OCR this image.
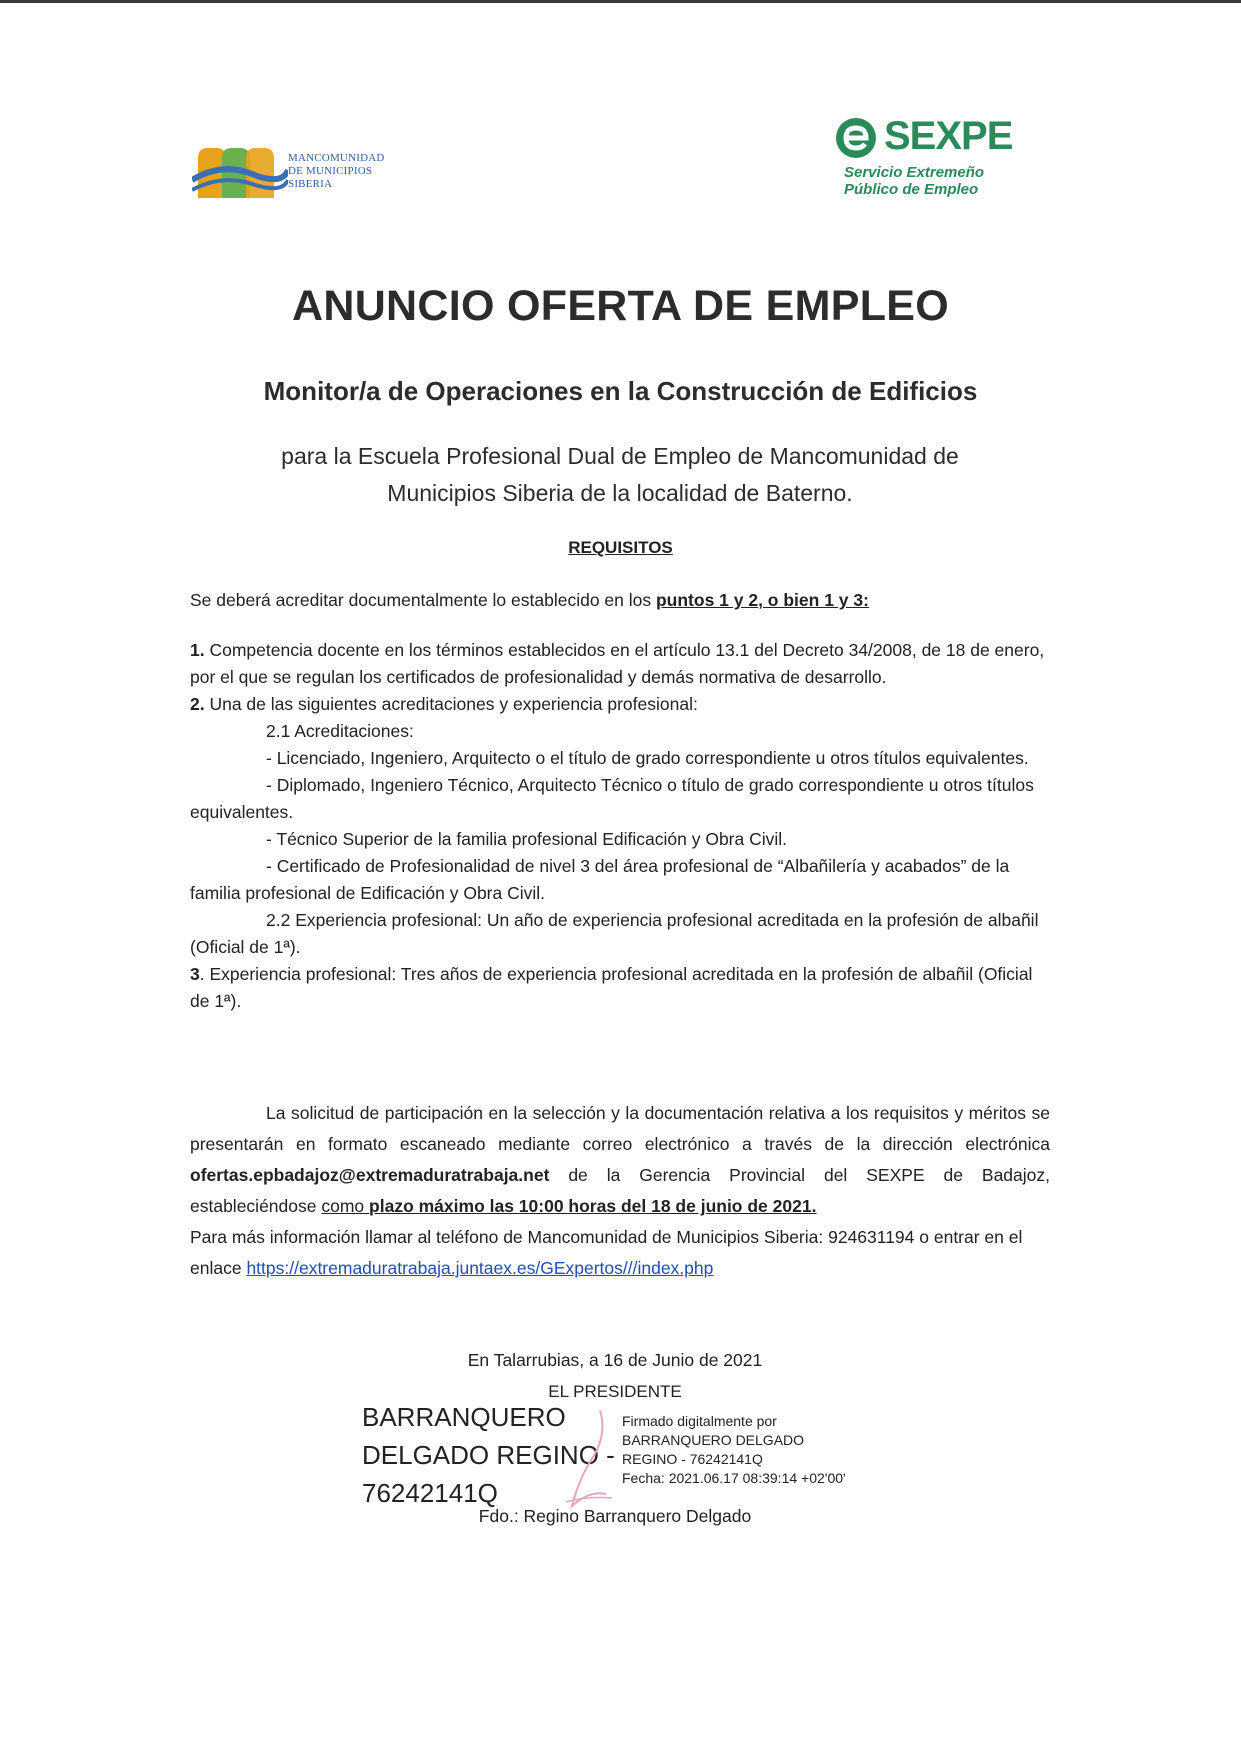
MANCOMUNIDAD
DE MUNICIPIOS
SIBERIA
SEXPE
Servicio Extremeño
Público de Empleo
ANUNCIO OFERTA DE EMPLEO
Monitor/a de Operaciones en la Construcción de Edificios
para la Escuela Profesional Dual de Empleo de Mancomunidad de
Municipios Siberia de la localidad de Baterno.
REQUISITOS
Se deberá acreditar documentalmente lo establecido en los puntos 1 y 2, o bien 1 y 3:

1. Competencia docente en los términos establecidos en el artículo 13.1 del Decreto 34/2008, de 18 de enero, por el que se regulan los certificados de profesionalidad y demás normativa de desarrollo.

2. Una de las siguientes acreditaciones y experiencia profesional:

2.1 Acreditaciones:

- Licenciado, Ingeniero, Arquitecto o el título de grado correspondiente u otros títulos equivalentes.

- Diplomado, Ingeniero Técnico, Arquitecto Técnico o título de grado correspondiente u otros títulos equivalentes.

- Técnico Superior de la familia profesional Edificación y Obra Civil.

- Certificado de Profesionalidad de nivel 3 del área profesional de “Albañilería y acabados” de la familia profesional de Edificación y Obra Civil.

2.2 Experiencia profesional: Un año de experiencia profesional acreditada en la profesión de albañil (Oficial de 1ª).

3. Experiencia profesional: Tres años de experiencia profesional acreditada en la profesión de albañil (Oficial de 1ª).

La solicitud de participación en la selección y la documentación relativa a los requisitos y méritos se presentarán en formato escaneado mediante correo electrónico a través de la dirección electrónica ofertas.epbadajoz@extremaduratrabaja.net de la Gerencia Provincial del SEXPE de Badajoz, estableciéndose como plazo máximo las 10:00 horas del 18 de junio de 2021.

Para más información llamar al teléfono de Mancomunidad de Municipios Siberia: 924631194 o entrar en el enlace https://extremaduratrabaja.juntaex.es/GExpertos///index.php

En Talarrubias, a 16 de Junio de 2021
EL PRESIDENTE
BARRANQUERO
DELGADO REGINO -
76242141Q
Firmado digitalmente por
BARRANQUERO DELGADO
REGINO - 76242141Q
Fecha: 2021.06.17 08:39:14 +02'00'
Fdo.: Regino Barranquero Delgado
